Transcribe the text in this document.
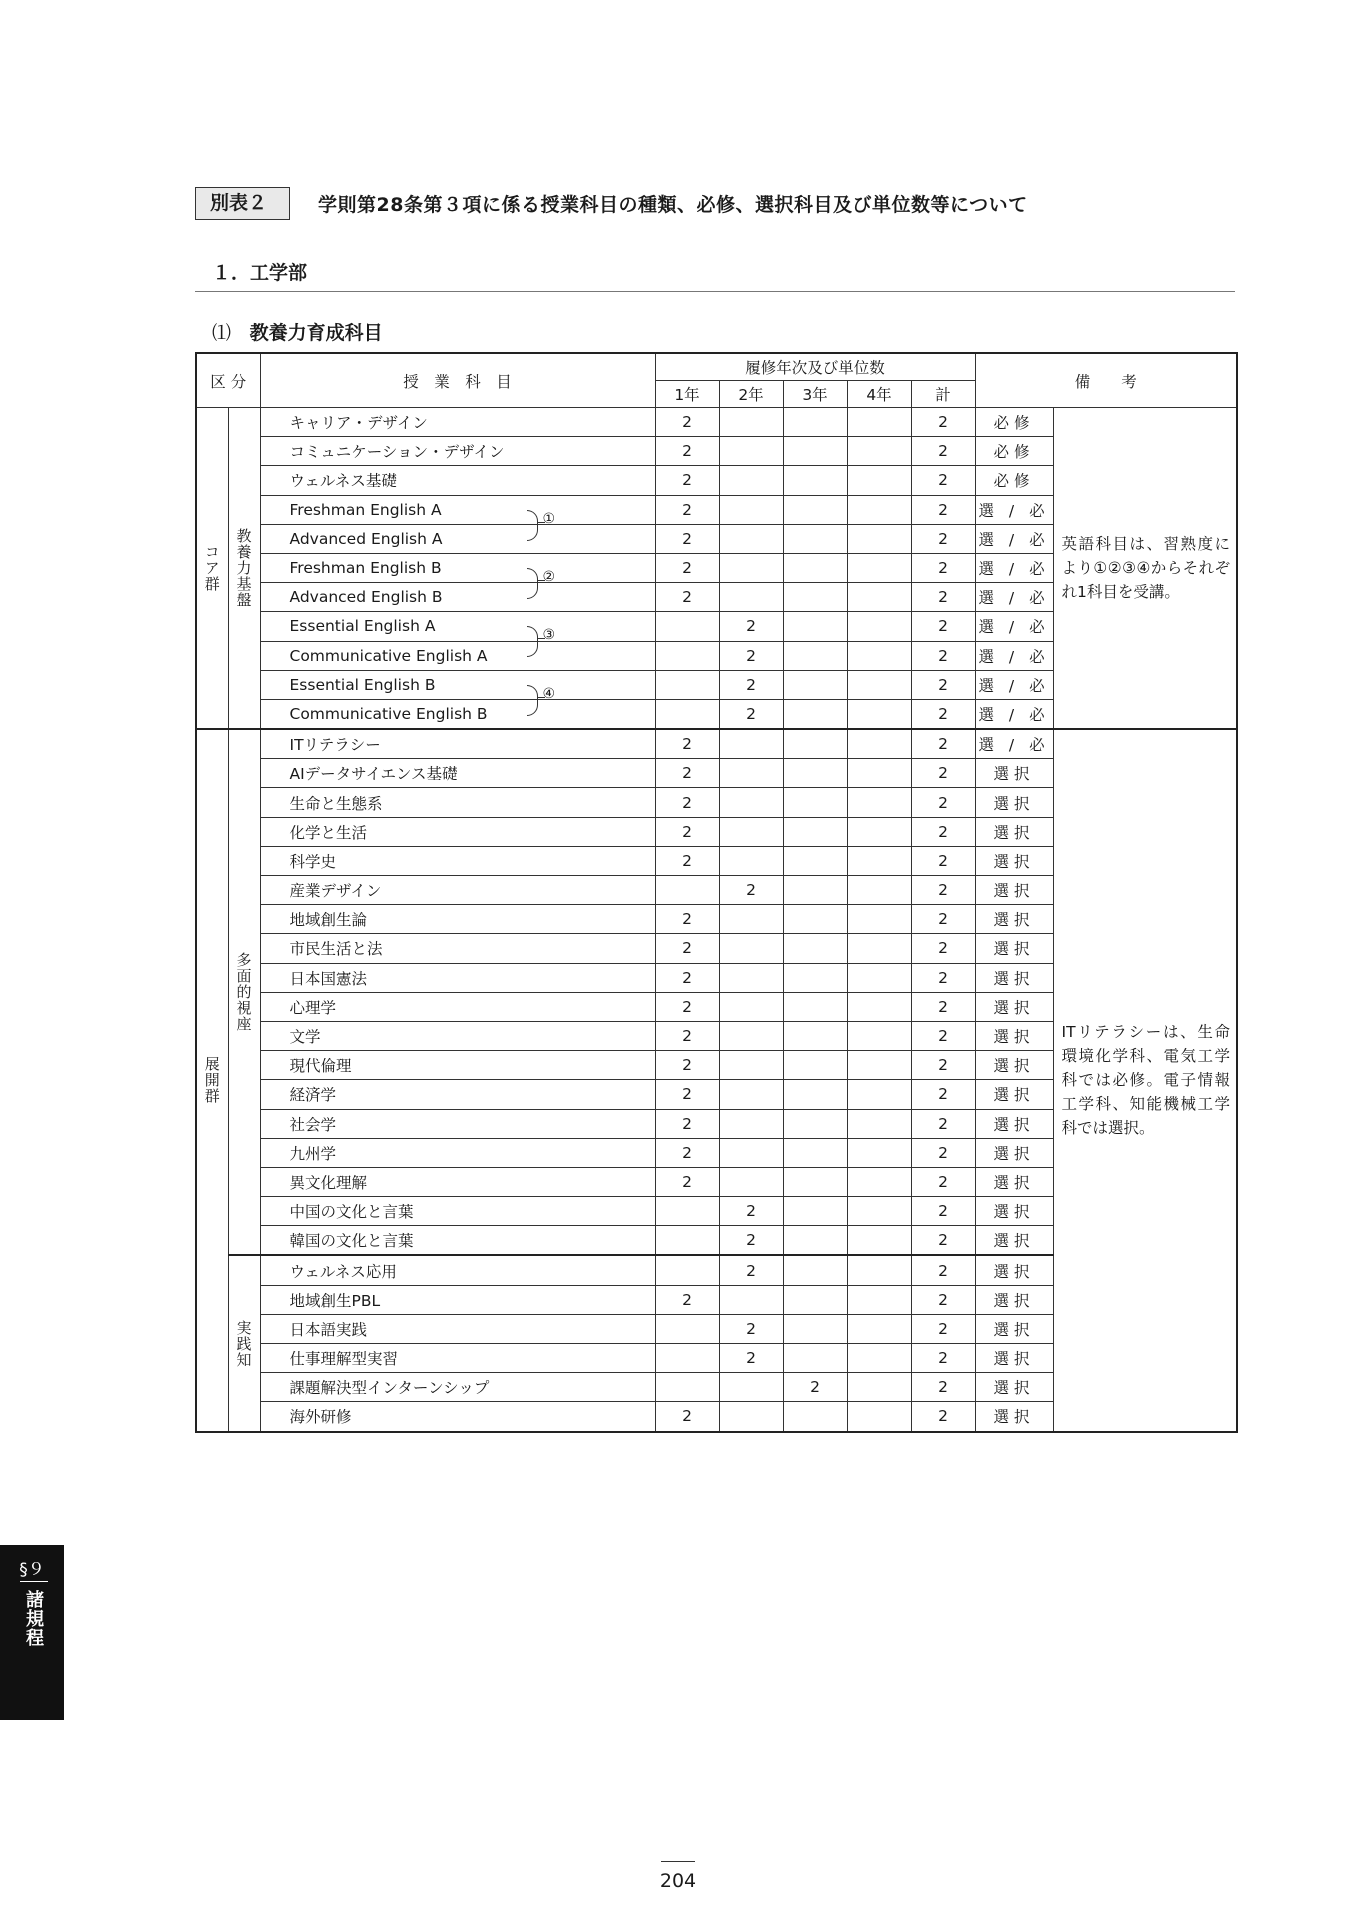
別表２	学則第28条第３項に係る授業科目の種類、必修、選択科目及び単位数等について
１．工学部
⑴ 教養力育成科目
区 分		授　業　科　目	履修年次及び単位数					備　　考	
			1年	2年	3年	4年	計		
コア群	教養力基盤	キャリア・デザイン	2				2	必修	英語科目は、習熟度により①②③④からそれぞれ1科目を受講。
		コミュニケーション・デザイン	2				2	必修	
		ウェルネス基礎	2				2	必修	
		Freshman English A ①	2				2	選 / 必	
		Advanced English A	2				2	選 / 必	
		Freshman English B ②	2				2	選 / 必	
		Advanced English B	2				2	選 / 必	
		Essential English A ③		2			2	選 / 必	
		Communicative English A		2			2	選 / 必	
		Essential English B ④		2			2	選 / 必	
		Communicative English B		2			2	選 / 必	
展開群	多面的視座	ITリテラシー	2				2	選 / 必	ITリテラシーは、生命環境化学科、電気工学科では必修。電子情報工学科、知能機械工学科では選択。
		AIデータサイエンス基礎	2				2	選択	
		生命と生態系	2				2	選択	
		化学と生活	2				2	選択	
		科学史	2				2	選択	
		産業デザイン		2			2	選択	
		地域創生論	2				2	選択	
		市民生活と法	2				2	選択	
		日本国憲法	2				2	選択	
		心理学	2				2	選択	
		文学	2				2	選択	
		現代倫理	2				2	選択	
		経済学	2				2	選択	
		社会学	2				2	選択	
		九州学	2				2	選択	
		異文化理解	2				2	選択	
		中国の文化と言葉		2			2	選択	
		韓国の文化と言葉		2			2	選択	
	実践知	ウェルネス応用		2			2	選択	
		地域創生PBL	2				2	選択	
		日本語実践		2			2	選択	
		仕事理解型実習		2			2	選択	
		課題解決型インターンシップ			2		2	選択	
		海外研修	2				2	選択	
§９
諸規程
204
